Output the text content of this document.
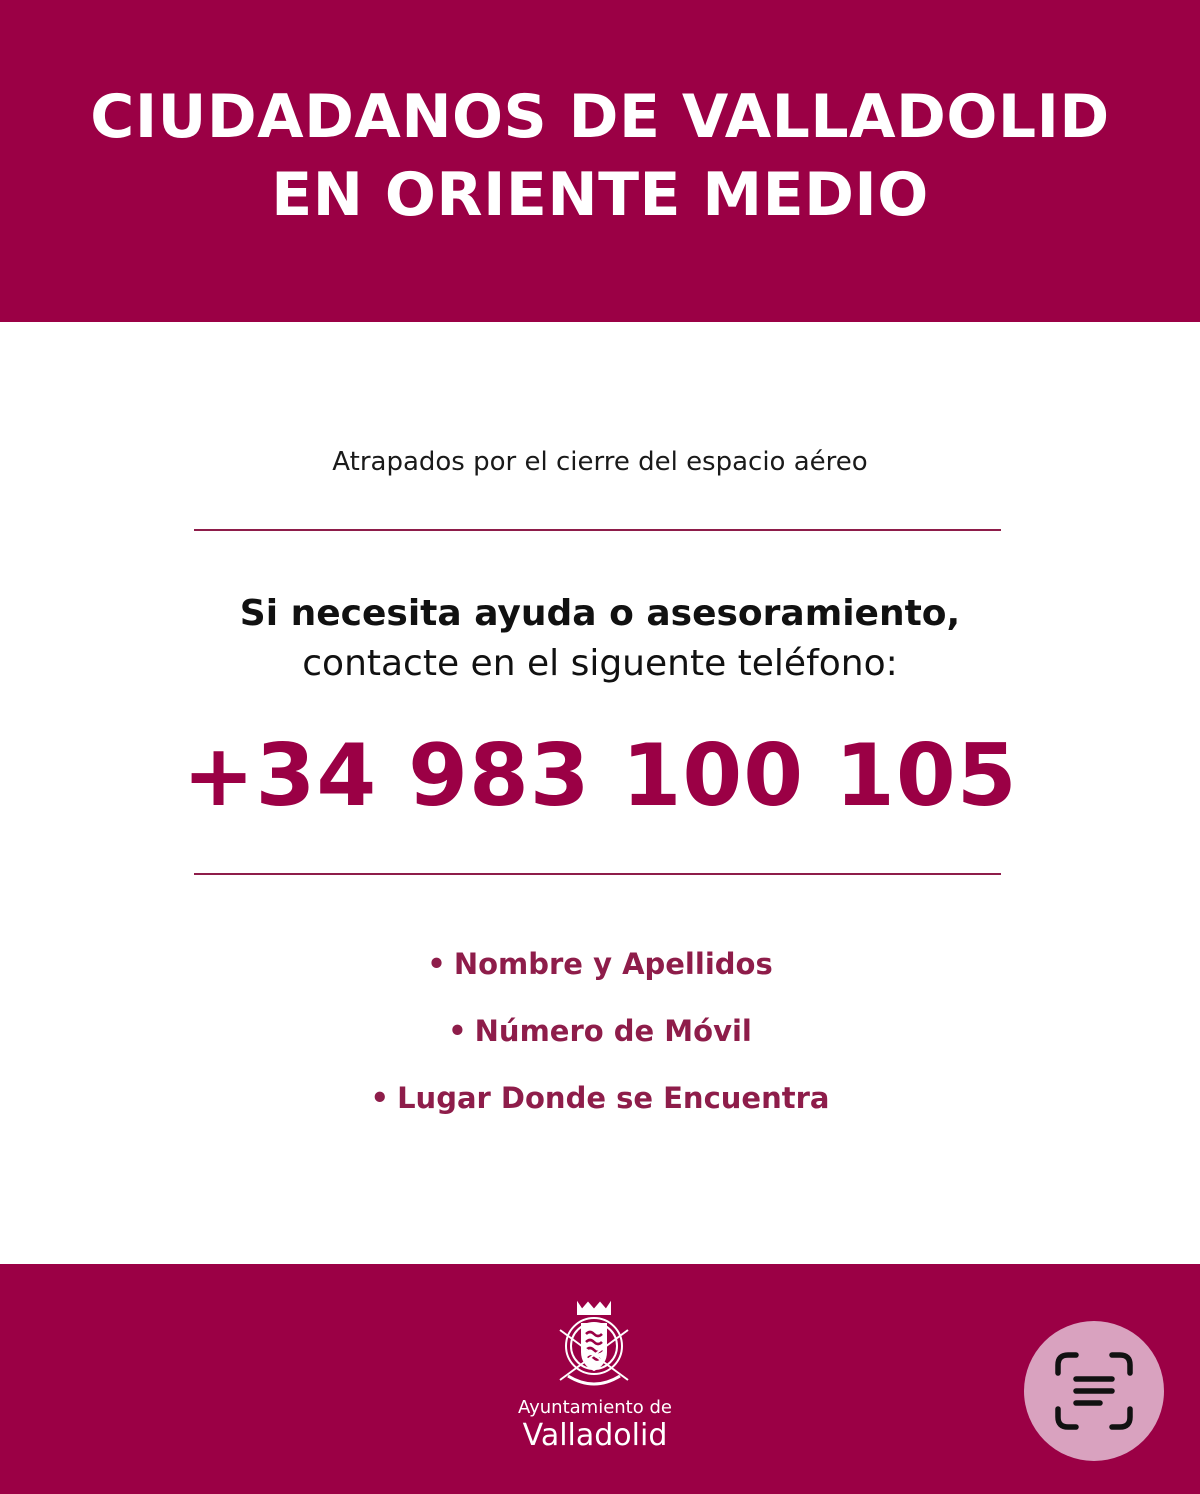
CIUDADANOS DE VALLADOLID
EN ORIENTE MEDIO
Atrapados por el cierre del espacio aéreo
Si necesita ayuda o asesoramiento,
contacte en el siguente teléfono:
+34 983 100 105
• Nombre y Apellidos
• Número de Móvil
• Lugar Donde se Encuentra
Ayuntamiento de
Valladolid
